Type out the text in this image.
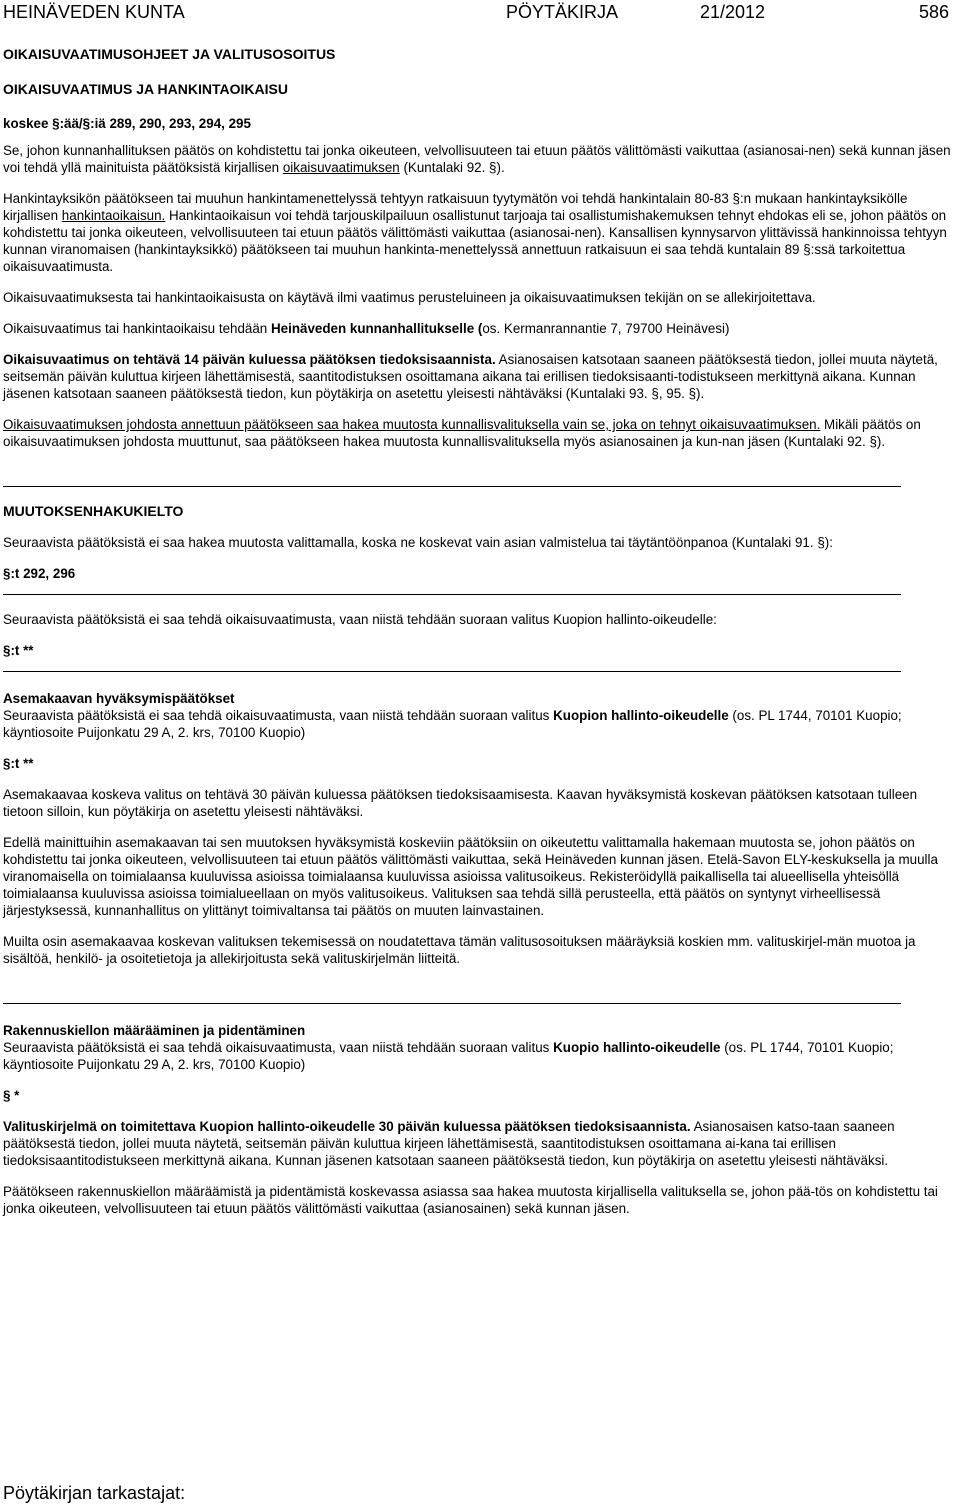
HEINÄVEDEN KUNTA	PÖYTÄKIRJA	21/2012	586

OIKAISUVAATIMUSOHJEET JA VALITUSOSOITUS

OIKAISUVAATIMUS JA HANKINTAOIKAISU

koskee §:ää/§:iä 289, 290, 293, 294, 295

Se, johon kunnanhallituksen päätös on kohdistettu tai jonka oikeuteen, velvollisuuteen tai etuun päätös välittömästi vaikuttaa (asianosai-nen) sekä kunnan jäsen voi tehdä yllä mainituista päätöksistä kirjallisen oikaisuvaatimuksen (Kuntalaki 92. §).

Hankintayksikön päätökseen tai muuhun hankintamenettelyssä tehtyyn ratkaisuun tyytymätön voi tehdä hankintalain 80-83 §:n mukaan hankintayksikölle kirjallisen hankintaoikaisun. Hankintaoikaisun voi tehdä tarjouskilpailuun osallistunut tarjoaja tai osallistumishakemuksen tehnyt ehdokas eli se, johon päätös on kohdistettu tai jonka oikeuteen, velvollisuuteen tai etuun päätös välittömästi vaikuttaa (asianosai-nen). Kansallisen kynnysarvon ylittävissä hankinnoissa tehtyyn kunnan viranomaisen (hankintayksikkö) päätökseen tai muuhun hankinta-menettelyssä annettuun ratkaisuun ei saa tehdä kuntalain 89 §:ssä tarkoitettua oikaisuvaatimusta.

Oikaisuvaatimuksesta tai hankintaoikaisusta on käytävä ilmi vaatimus perusteluineen ja oikaisuvaatimuksen tekijän on se allekirjoitettava.

Oikaisuvaatimus tai hankintaoikaisu tehdään Heinäveden kunnanhallitukselle (os. Kermanrannantie 7, 79700 Heinävesi)

Oikaisuvaatimus on tehtävä 14 päivän kuluessa päätöksen tiedoksisaannista. Asianosaisen katsotaan saaneen päätöksestä tiedon, jollei muuta näytetä, seitsemän päivän kuluttua kirjeen lähettämisestä, saantitodistuksen osoittamana aikana tai erillisen tiedoksisaanti-todistukseen merkittynä aikana. Kunnan jäsenen katsotaan saaneen päätöksestä tiedon, kun pöytäkirja on asetettu yleisesti nähtäväksi (Kuntalaki 93. §, 95. §).

Oikaisuvaatimuksen johdosta annettuun päätökseen saa hakea muutosta kunnallisvalituksella vain se, joka on tehnyt oikaisuvaatimuksen. Mikäli päätös on oikaisuvaatimuksen johdosta muuttunut, saa päätökseen hakea muutosta kunnallisvalituksella myös asianosainen ja kun-nan jäsen (Kuntalaki 92. §).

MUUTOKSENHAKUKIELTO

Seuraavista päätöksistä ei saa hakea muutosta valittamalla, koska ne koskevat vain asian valmistelua tai täytäntöönpanoa (Kuntalaki 91. §):

§:t 292, 296

Seuraavista päätöksistä ei saa tehdä oikaisuvaatimusta, vaan niistä tehdään suoraan valitus Kuopion hallinto-oikeudelle:

§:t **

Asemakaavan hyväksymispäätökset

Seuraavista päätöksistä ei saa tehdä oikaisuvaatimusta, vaan niistä tehdään suoraan valitus Kuopion hallinto-oikeudelle (os. PL 1744, 70101 Kuopio; käyntiosoite Puijonkatu 29 A, 2. krs, 70100 Kuopio)

§:t **

Asemakaavaa koskeva valitus on tehtävä 30 päivän kuluessa päätöksen tiedoksisaamisesta. Kaavan hyväksymistä koskevan päätöksen katsotaan tulleen tietoon silloin, kun pöytäkirja on asetettu yleisesti nähtäväksi.

Edellä mainittuihin asemakaavan tai sen muutoksen hyväksymistä koskeviin päätöksiin on oikeutettu valittamalla hakemaan muutosta se, johon päätös on kohdistettu tai jonka oikeuteen, velvollisuuteen tai etuun päätös välittömästi vaikuttaa, sekä Heinäveden kunnan jäsen. Etelä-Savon ELY-keskuksella ja muulla viranomaisella on toimialaansa kuuluvissa asioissa toimialaansa kuuluvissa asioissa valitusoikeus. Rekisteröidyllä paikallisella tai alueellisella yhteisöllä toimialaansa kuuluvissa asioissa toimialueellaan on myös valitusoikeus. Valituksen saa tehdä sillä perusteella, että päätös on syntynyt virheellisessä järjestyksessä, kunnanhallitus on ylittänyt toimivaltansa tai päätös on muuten lainvastainen.

Muilta osin asemakaavaa koskevan valituksen tekemisessä on noudatettava tämän valitusosoituksen määräyksiä koskien mm. valituskirjel-män muotoa ja sisältöä, henkilö- ja osoitetietoja ja allekirjoitusta sekä valituskirjelmän liitteitä.

Rakennuskiellon määrääminen ja pidentäminen

Seuraavista päätöksistä ei saa tehdä oikaisuvaatimusta, vaan niistä tehdään suoraan valitus Kuopio hallinto-oikeudelle (os. PL 1744, 70101 Kuopio; käyntiosoite Puijonkatu 29 A, 2. krs, 70100 Kuopio)

§ *

Valituskirjelmä on toimitettava Kuopion hallinto-oikeudelle 30 päivän kuluessa päätöksen tiedoksisaannista. Asianosaisen katso-taan saaneen päätöksestä tiedon, jollei muuta näytetä, seitsemän päivän kuluttua kirjeen lähettämisestä, saantitodistuksen osoittamana ai-kana tai erillisen tiedoksisaantitodistukseen merkittynä aikana. Kunnan jäsenen katsotaan saaneen päätöksestä tiedon, kun pöytäkirja on asetettu yleisesti nähtäväksi.

Päätökseen rakennuskiellon määräämistä ja pidentämistä koskevassa asiassa saa hakea muutosta kirjallisella valituksella se, johon pää-tös on kohdistettu tai jonka oikeuteen, velvollisuuteen tai etuun päätös välittömästi vaikuttaa (asianosainen) sekä kunnan jäsen.

Pöytäkirjan tarkastajat:
